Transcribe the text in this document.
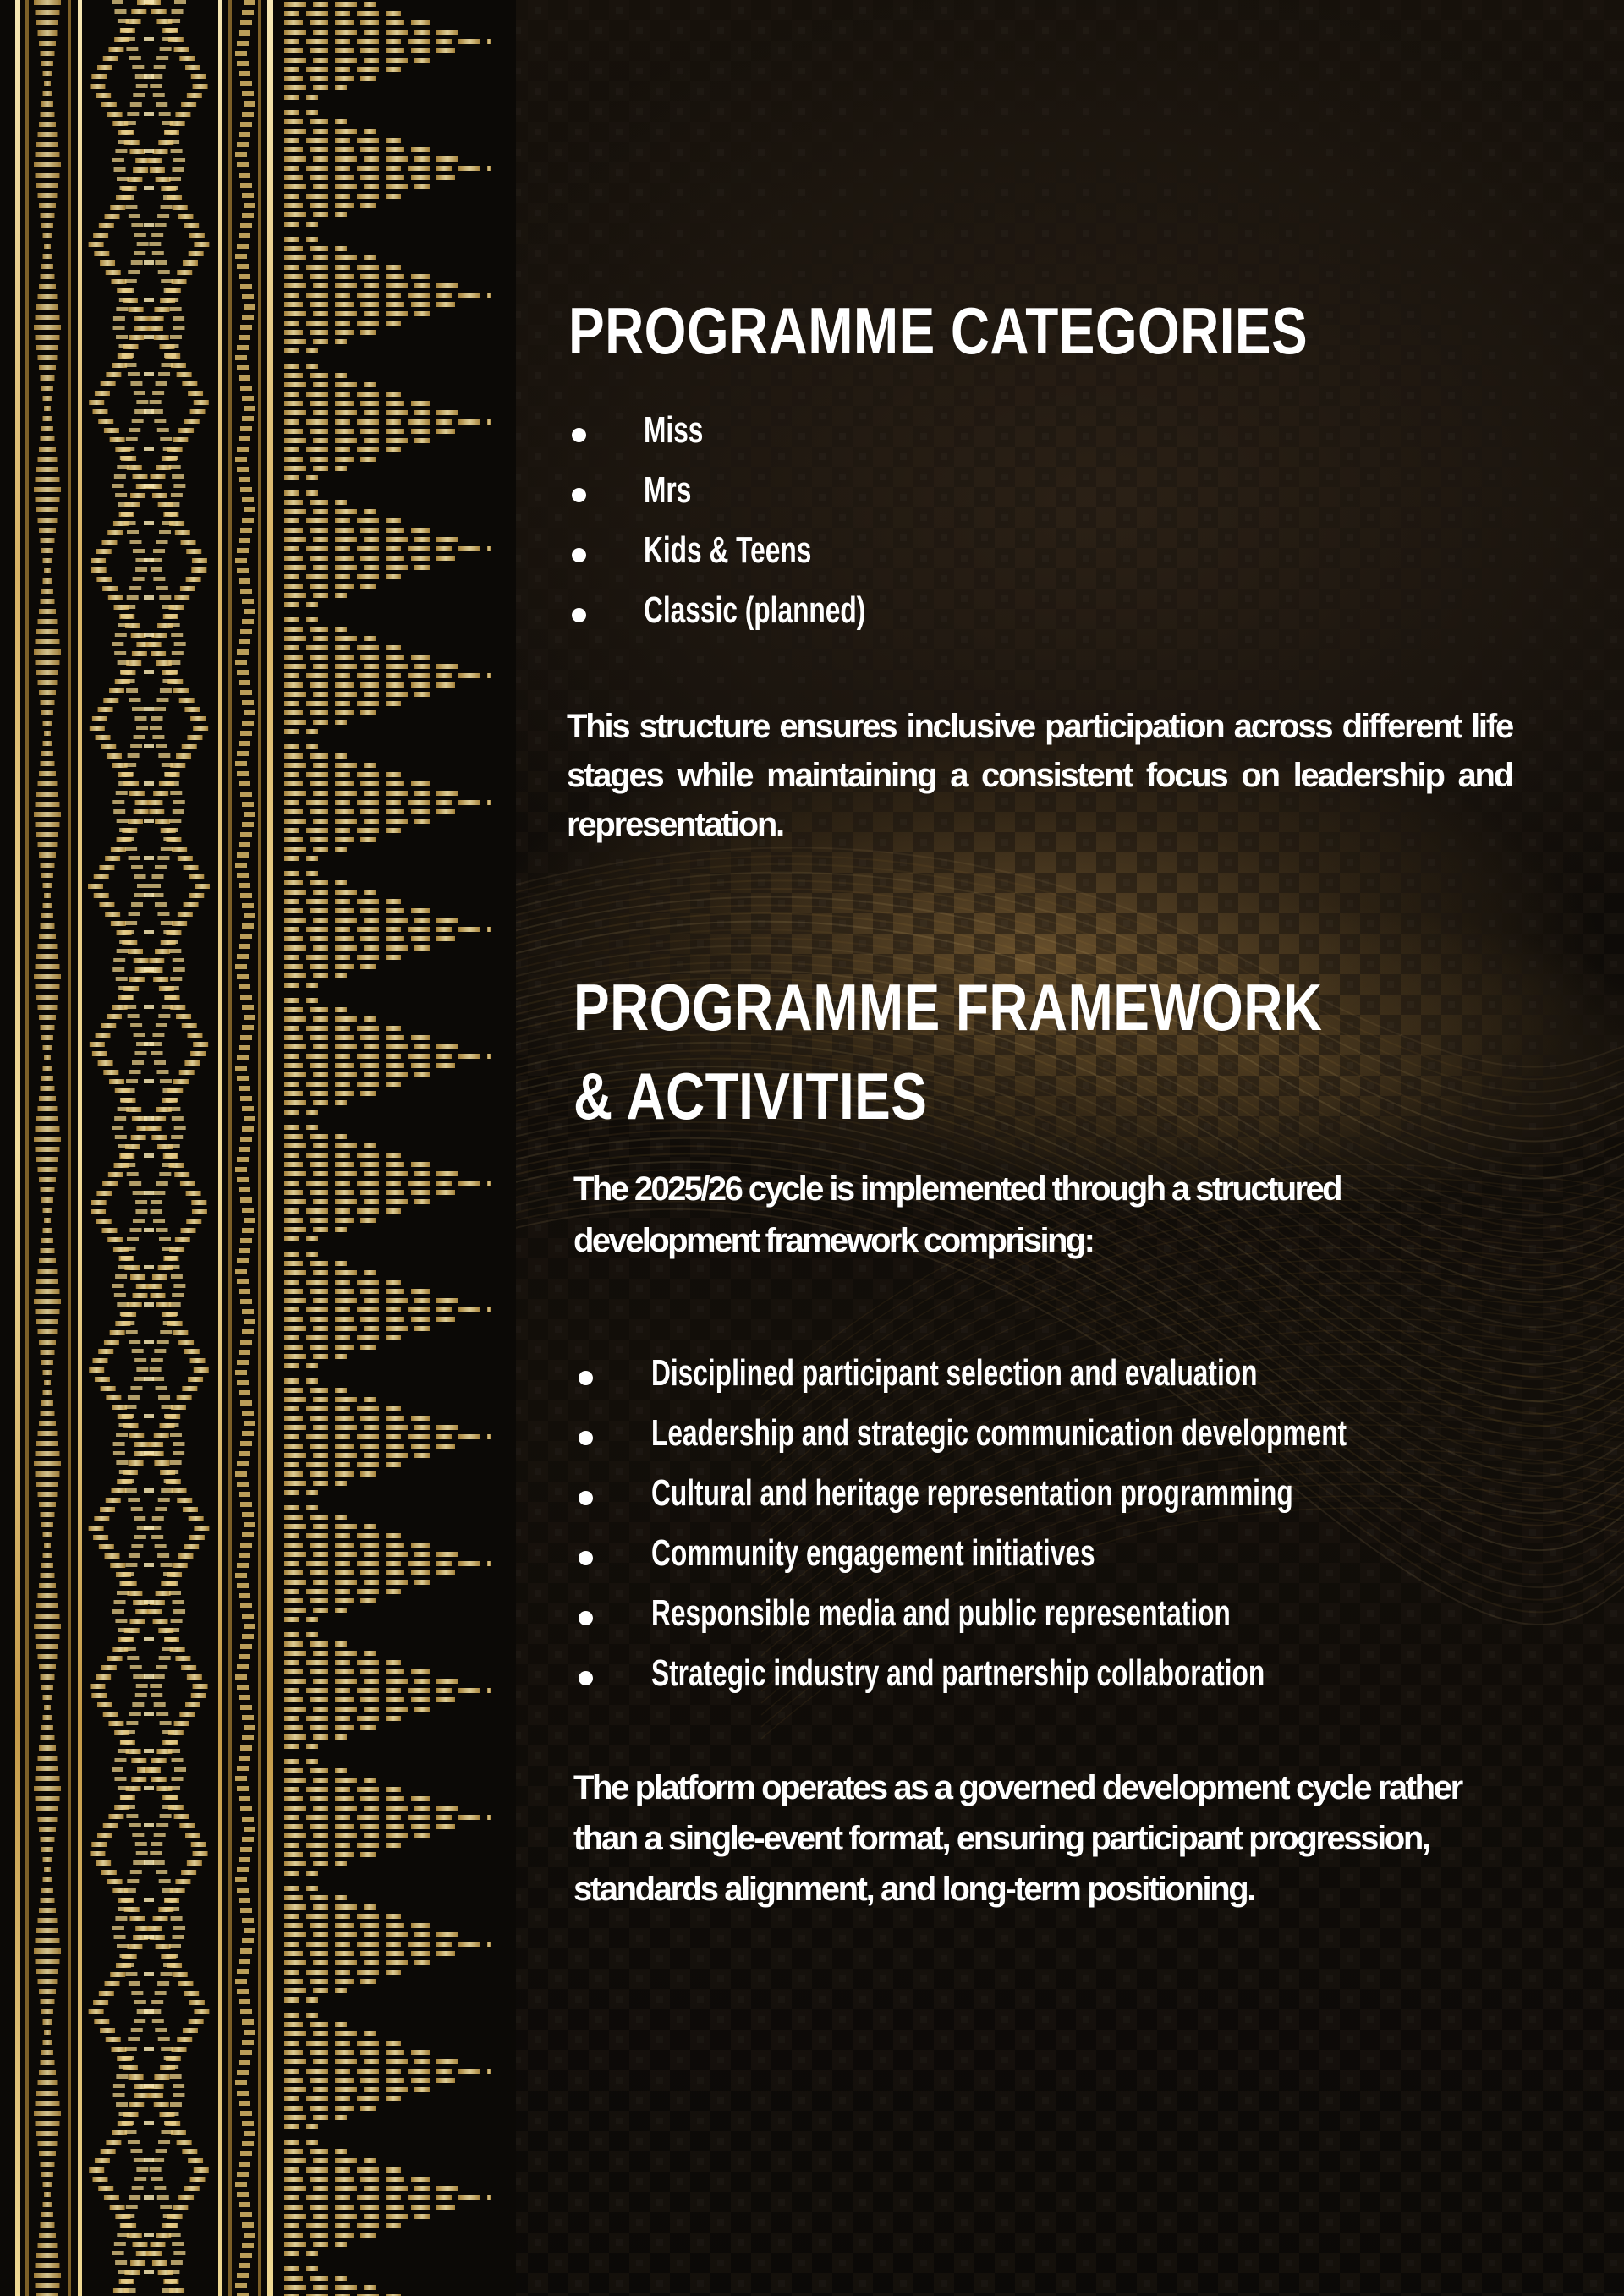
PROGRAMME CATEGORIES
Miss
Mrs
Kids & Teens
Classic (planned)

This structure ensures inclusive participation across different life stages while maintaining a consistent focus on leadership and representation.

PROGRAMME FRAMEWORK
& ACTIVITIES

The 2025/26 cycle is implemented through a structured development framework comprising:

Disciplined participant selection and evaluation
Leadership and strategic communication development
Cultural and heritage representation programming
Community engagement initiatives
Responsible media and public representation
Strategic industry and partnership collaboration

The platform operates as a governed development cycle rather than a single-event format, ensuring participant progression, standards alignment, and long-term positioning.
